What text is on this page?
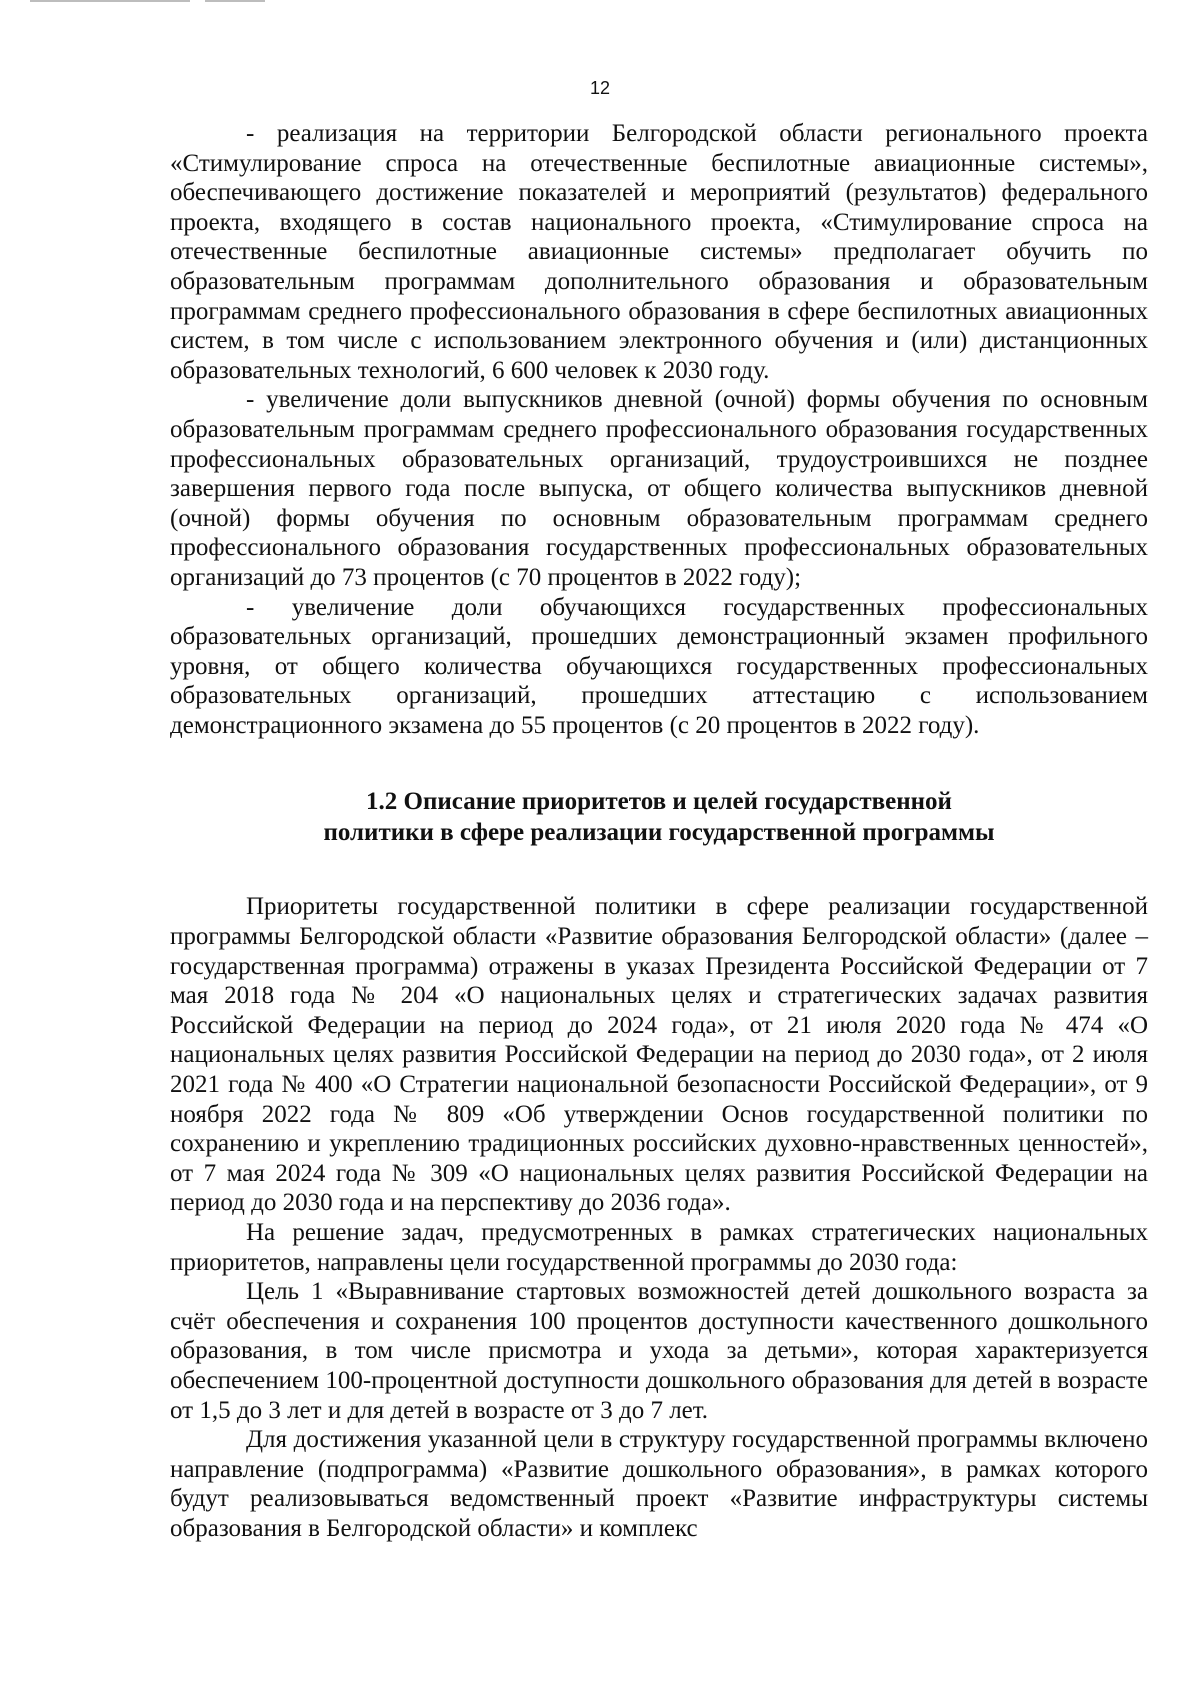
12

- реализация на территории Белгородской области регионального проекта «Стимулирование спроса на отечественные беспилотные авиационные системы», обеспечивающего достижение показателей и мероприятий (результатов) федерального проекта, входящего в состав национального проекта, «Стимулирование спроса на отечественные беспилотные авиационные системы» предполагает обучить по образовательным программам дополнительного образования и образовательным программам среднего профессионального образования в сфере беспилотных авиационных систем, в том числе с использованием электронного обучения и (или) дистанционных образовательных технологий, 6 600 человек к 2030 году.

- увеличение доли выпускников дневной (очной) формы обучения по основным образовательным программам среднего профессионального образования государственных профессиональных образовательных организаций, трудоустроившихся не позднее завершения первого года после выпуска, от общего количества выпускников дневной (очной) формы обучения по основным образовательным программам среднего профессионального образования государственных профессиональных образовательных организаций до 73 процентов (с 70 процентов в 2022 году);

- увеличение доли обучающихся государственных профессиональных образовательных организаций, прошедших демонстрационный экзамен профильного уровня, от общего количества обучающихся государственных профессиональных образовательных организаций, прошедших аттестацию с использованием демонстрационного экзамена до 55 процентов (с 20 процентов в 2022 году).

1.2 Описание приоритетов и целей государственной
политики в сфере реализации государственной программы

Приоритеты государственной политики в сфере реализации государственной программы Белгородской области «Развитие образования Белгородской области» (далее – государственная программа) отражены в указах Президента Российской Федерации от 7 мая 2018 года № 204 «О национальных целях и стратегических задачах развития Российской Федерации на период до 2024 года», от 21 июля 2020 года № 474 «О национальных целях развития Российской Федерации на период до 2030 года», от 2 июля 2021 года № 400 «О Стратегии национальной безопасности Российской Федерации», от 9 ноября 2022 года № 809 «Об утверждении Основ государственной политики по сохранению и укреплению традиционных российских духовно-нравственных ценностей», от 7 мая 2024 года № 309 «О национальных целях развития Российской Федерации на период до 2030 года и на перспективу до 2036 года».

На решение задач, предусмотренных в рамках стратегических национальных приоритетов, направлены цели государственной программы до 2030 года:

Цель 1 «Выравнивание стартовых возможностей детей дошкольного возраста за счёт обеспечения и сохранения 100 процентов доступности качественного дошкольного образования, в том числе присмотра и ухода за детьми», которая характеризуется обеспечением 100-процентной доступности дошкольного образования для детей в возрасте от 1,5 до 3 лет и для детей в возрасте от 3 до 7 лет.

Для достижения указанной цели в структуру государственной программы включено направление (подпрограмма) «Развитие дошкольного образования», в рамках которого будут реализовываться ведомственный проект «Развитие инфраструктуры системы образования в Белгородской области» и комплекс
